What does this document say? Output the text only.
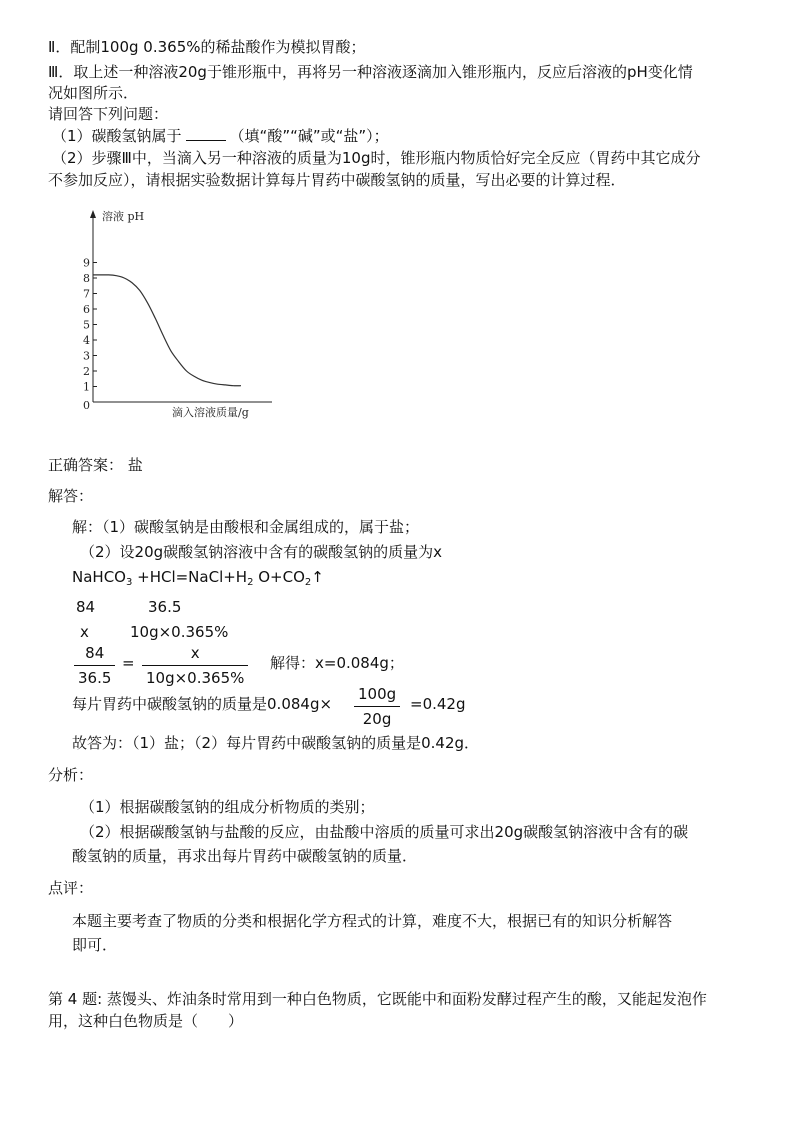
Ⅱ．配制100g 0.365%的稀盐酸作为模拟胃酸；
Ⅲ．取上述一种溶液20g于锥形瓶中，再将另一种溶液逐滴加入锥形瓶内，反应后溶液的pH变化情
况如图所示．
请回答下列问题：
（1）碳酸氢钠属于	（填“酸”“碱”或“盐”）；
（2）步骤Ⅲ中，当滴入另一种溶液的质量为10g时，锥形瓶内物质恰好完全反应（胃药中其它成分
不参加反应），请根据实验数据计算每片胃药中碳酸氢钠的质量，写出必要的计算过程．
溶液 pH
0
滴入溶液质量/g
1
2
3
4
5
6
7
8
9
正确答案： 盐
解答：
解：（1）碳酸氢钠是由酸根和金属组成的，属于盐；
（2）设20g碳酸氢钠溶液中含有的碳酸氢钠的质量为x
NaHCO$_3$ $+HCl=NaCl+H_2$ $O+CO_2↑$
84	36.5
x	10g×0.365%
$\frac{84}{36.5} = \frac{x}{10g\times 0.365\%}$ 解得：x=0.084g；
每片胃药中碳酸氢钠的质量是$0.084g\times \frac{100g}{20g} =0.42g$
故答为：（1）盐；（2）每片胃药中碳酸氢钠的质量是0.42g．
分析：
（1）根据碳酸氢钠的组成分析物质的类别；
（2）根据碳酸氢钠与盐酸的反应，由盐酸中溶质的质量可求出20g碳酸氢钠溶液中含有的碳
酸氢钠的质量，再求出每片胃药中碳酸氢钠的质量．
点评：
本题主要考查了物质的分类和根据化学方程式的计算，难度不大，根据已有的知识分析解答
即可．
第 4 题: 蒸馒头、炸油条时常用到一种白色物质，它既能中和面粉发酵过程产生的酸，又能起发泡作
用，这种白色物质是（　　）
